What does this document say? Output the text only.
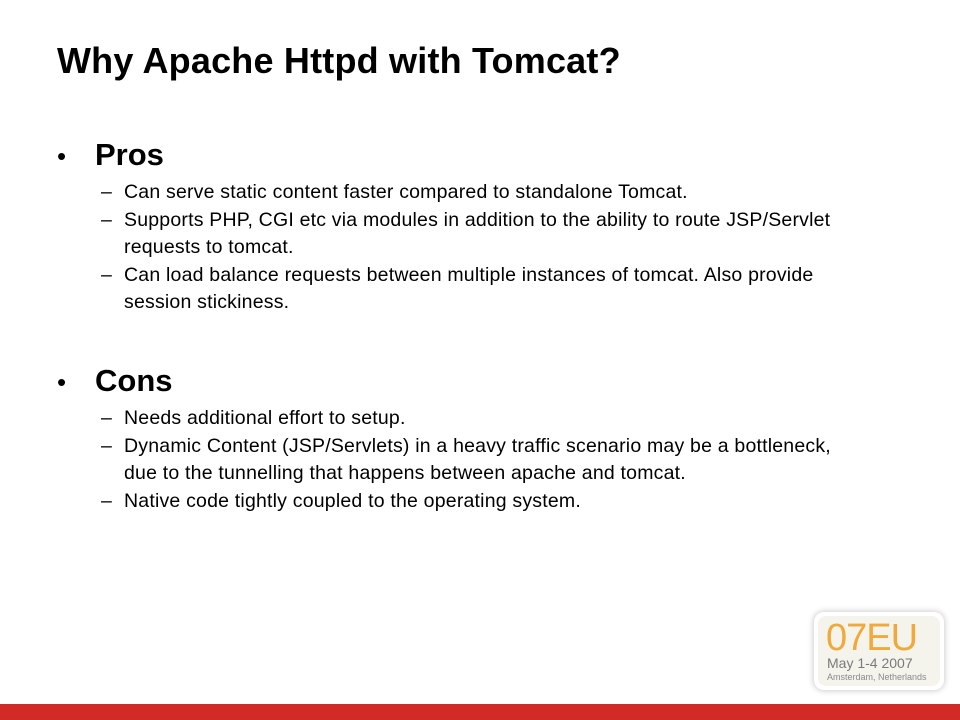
Why Apache Httpd with Tomcat?
• Pros
– Can serve static content faster compared to standalone Tomcat.
– Supports PHP, CGI etc via modules in addition to the ability to route JSP/Servlet requests to tomcat.
– Can load balance requests between multiple instances of tomcat. Also provide session stickiness.
• Cons
– Needs additional effort to setup.
– Dynamic Content (JSP/Servlets) in a heavy traffic scenario may be a bottleneck, due to the tunnelling that happens between apache and tomcat.
– Native code tightly coupled to the operating system.
07EU
May 1-4 2007
Amsterdam, Netherlands
